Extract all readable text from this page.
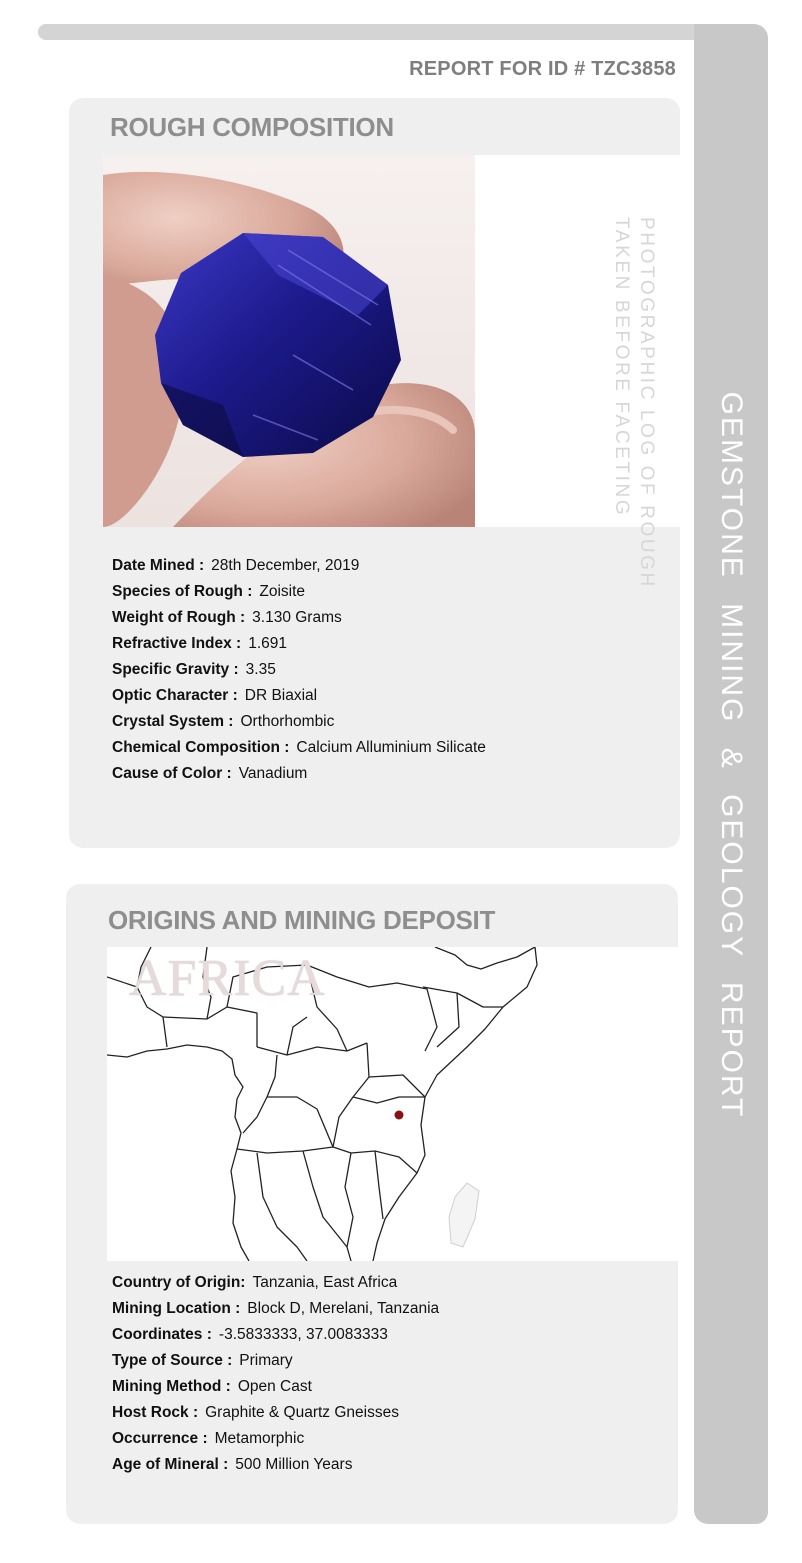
GEMSTONE MINING & GEOLOGY REPORT
REPORT FOR ID # TZC3858
ROUGH COMPOSITION
PHOTOGRAPHIC LOG OF ROUGH
TAKEN BEFORE FACETING
Date Mined : 28th December, 2019
Species of Rough : Zoisite
Weight of Rough : 3.130 Grams
Refractive Index : 1.691
Specific Gravity : 3.35
Optic Character : DR Biaxial
Crystal System : Orthorhombic
Chemical Composition : Calcium Alluminium Silicate
Cause of Color : Vanadium
ORIGINS AND MINING DEPOSIT
AFRICA
Country of Origin: Tanzania, East Africa
Mining Location : Block D, Merelani, Tanzania
Coordinates : -3.5833333, 37.0083333
Type of Source : Primary
Mining Method : Open Cast
Host Rock : Graphite & Quartz Gneisses
Occurrence : Metamorphic
Age of Mineral : 500 Million Years
